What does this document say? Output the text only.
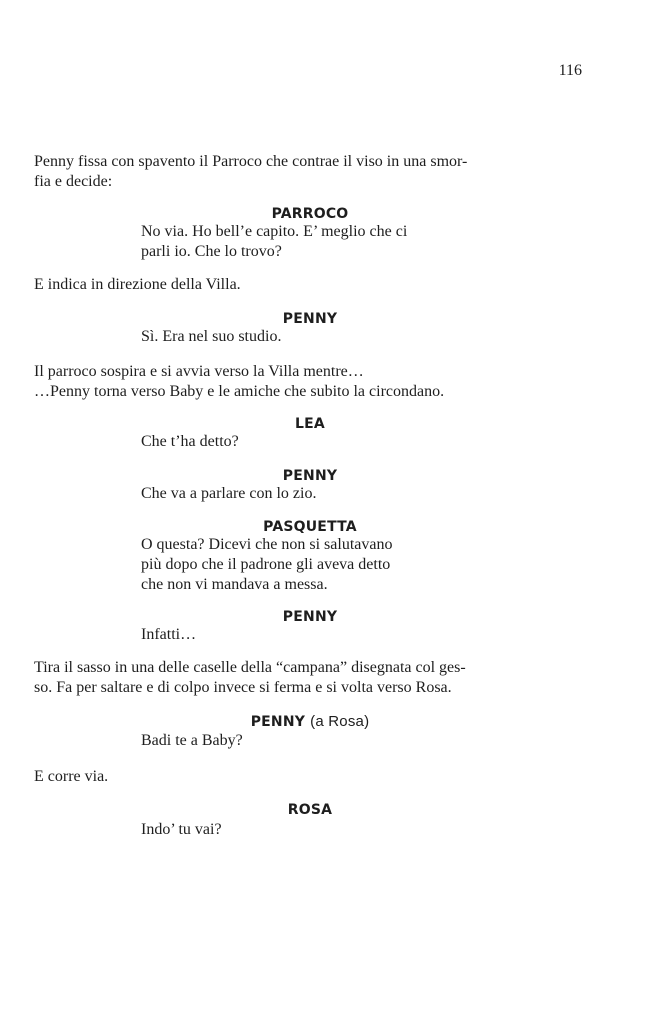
116
Penny fissa con spavento il Parroco che contrae il viso in una smor-
fia e decide:
PARROCO
No via. Ho bell’e capito. E’ meglio che ci
parli io. Che lo trovo?
E indica in direzione della Villa.
PENNY
Sì. Era nel suo studio.
Il parroco sospira e si avvia verso la Villa mentre…
…Penny torna verso Baby e le amiche che subito la circondano.
LEA
Che t’ha detto?
PENNY
Che va a parlare con lo zio.
PASQUETTA
O questa? Dicevi che non si salutavano
più dopo che il padrone gli aveva detto
che non vi mandava a messa.
PENNY
Infatti…
Tira il sasso in una delle caselle della “campana” disegnata col ges-
so. Fa per saltare e di colpo invece si ferma e si volta verso Rosa.
PENNY (a Rosa)
Badi te a Baby?
E corre via.
ROSA
Indo’ tu vai?
